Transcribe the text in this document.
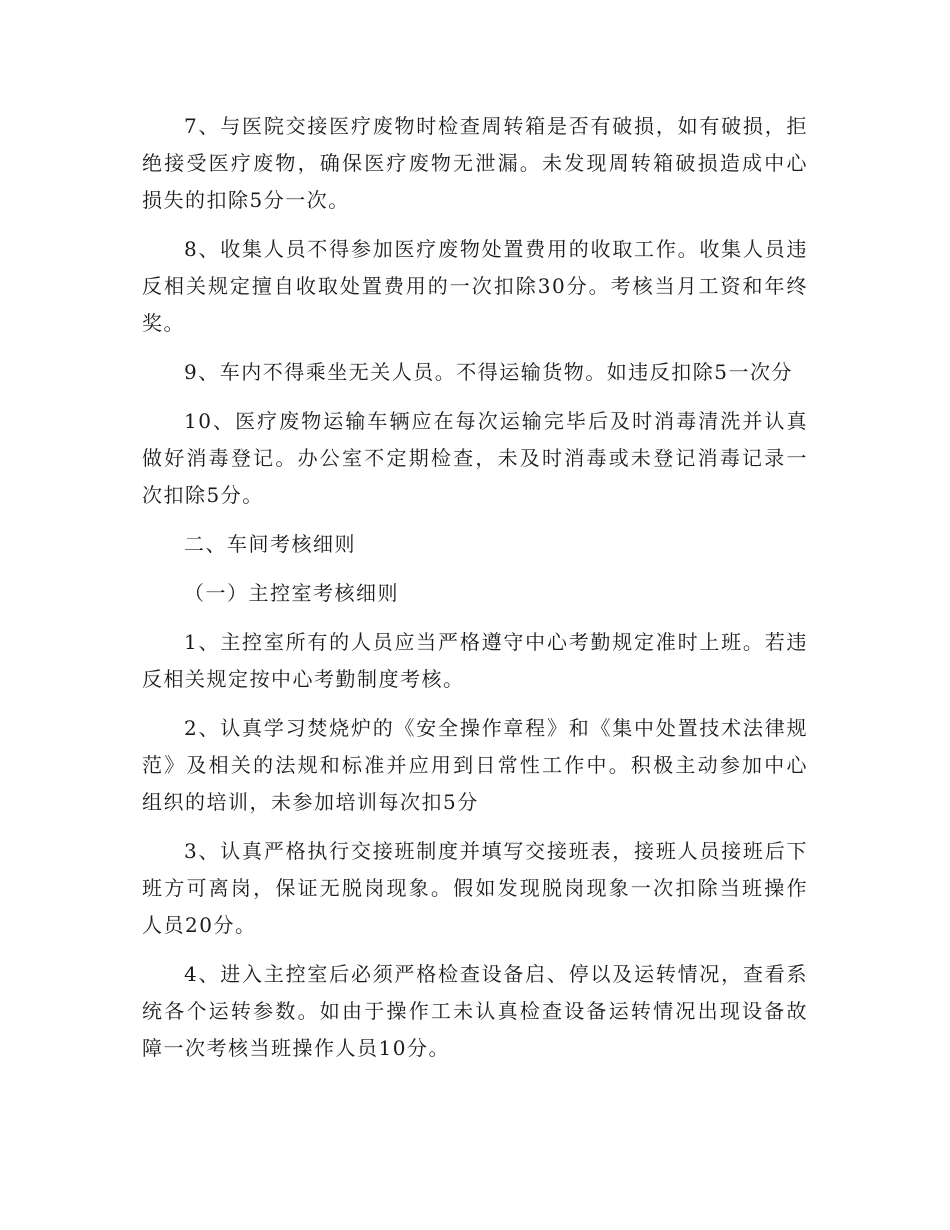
7、与医院交接医疗废物时检查周转箱是否有破损，如有破损，拒绝接受医疗废物，确保医疗废物无泄漏。未发现周转箱破损造成中心损失的扣除5分一次。

8、收集人员不得参加医疗废物处置费用的收取工作。收集人员违反相关规定擅自收取处置费用的一次扣除30分。考核当月工资和年终奖。

9、车内不得乘坐无关人员。不得运输货物。如违反扣除5一次分

10、医疗废物运输车辆应在每次运输完毕后及时消毒清洗并认真做好消毒登记。办公室不定期检查，未及时消毒或未登记消毒记录一次扣除5分。

二、车间考核细则

（一）主控室考核细则

1、主控室所有的人员应当严格遵守中心考勤规定准时上班。若违反相关规定按中心考勤制度考核。

2、认真学习焚烧炉的《安全操作章程》和《集中处置技术法律规范》及相关的法规和标准并应用到日常性工作中。积极主动参加中心组织的培训，未参加培训每次扣5分

3、认真严格执行交接班制度并填写交接班表，接班人员接班后下班方可离岗，保证无脱岗现象。假如发现脱岗现象一次扣除当班操作人员20分。

4、进入主控室后必须严格检查设备启、停以及运转情况，查看系统各个运转参数。如由于操作工未认真检查设备运转情况出现设备故障一次考核当班操作人员10分。
